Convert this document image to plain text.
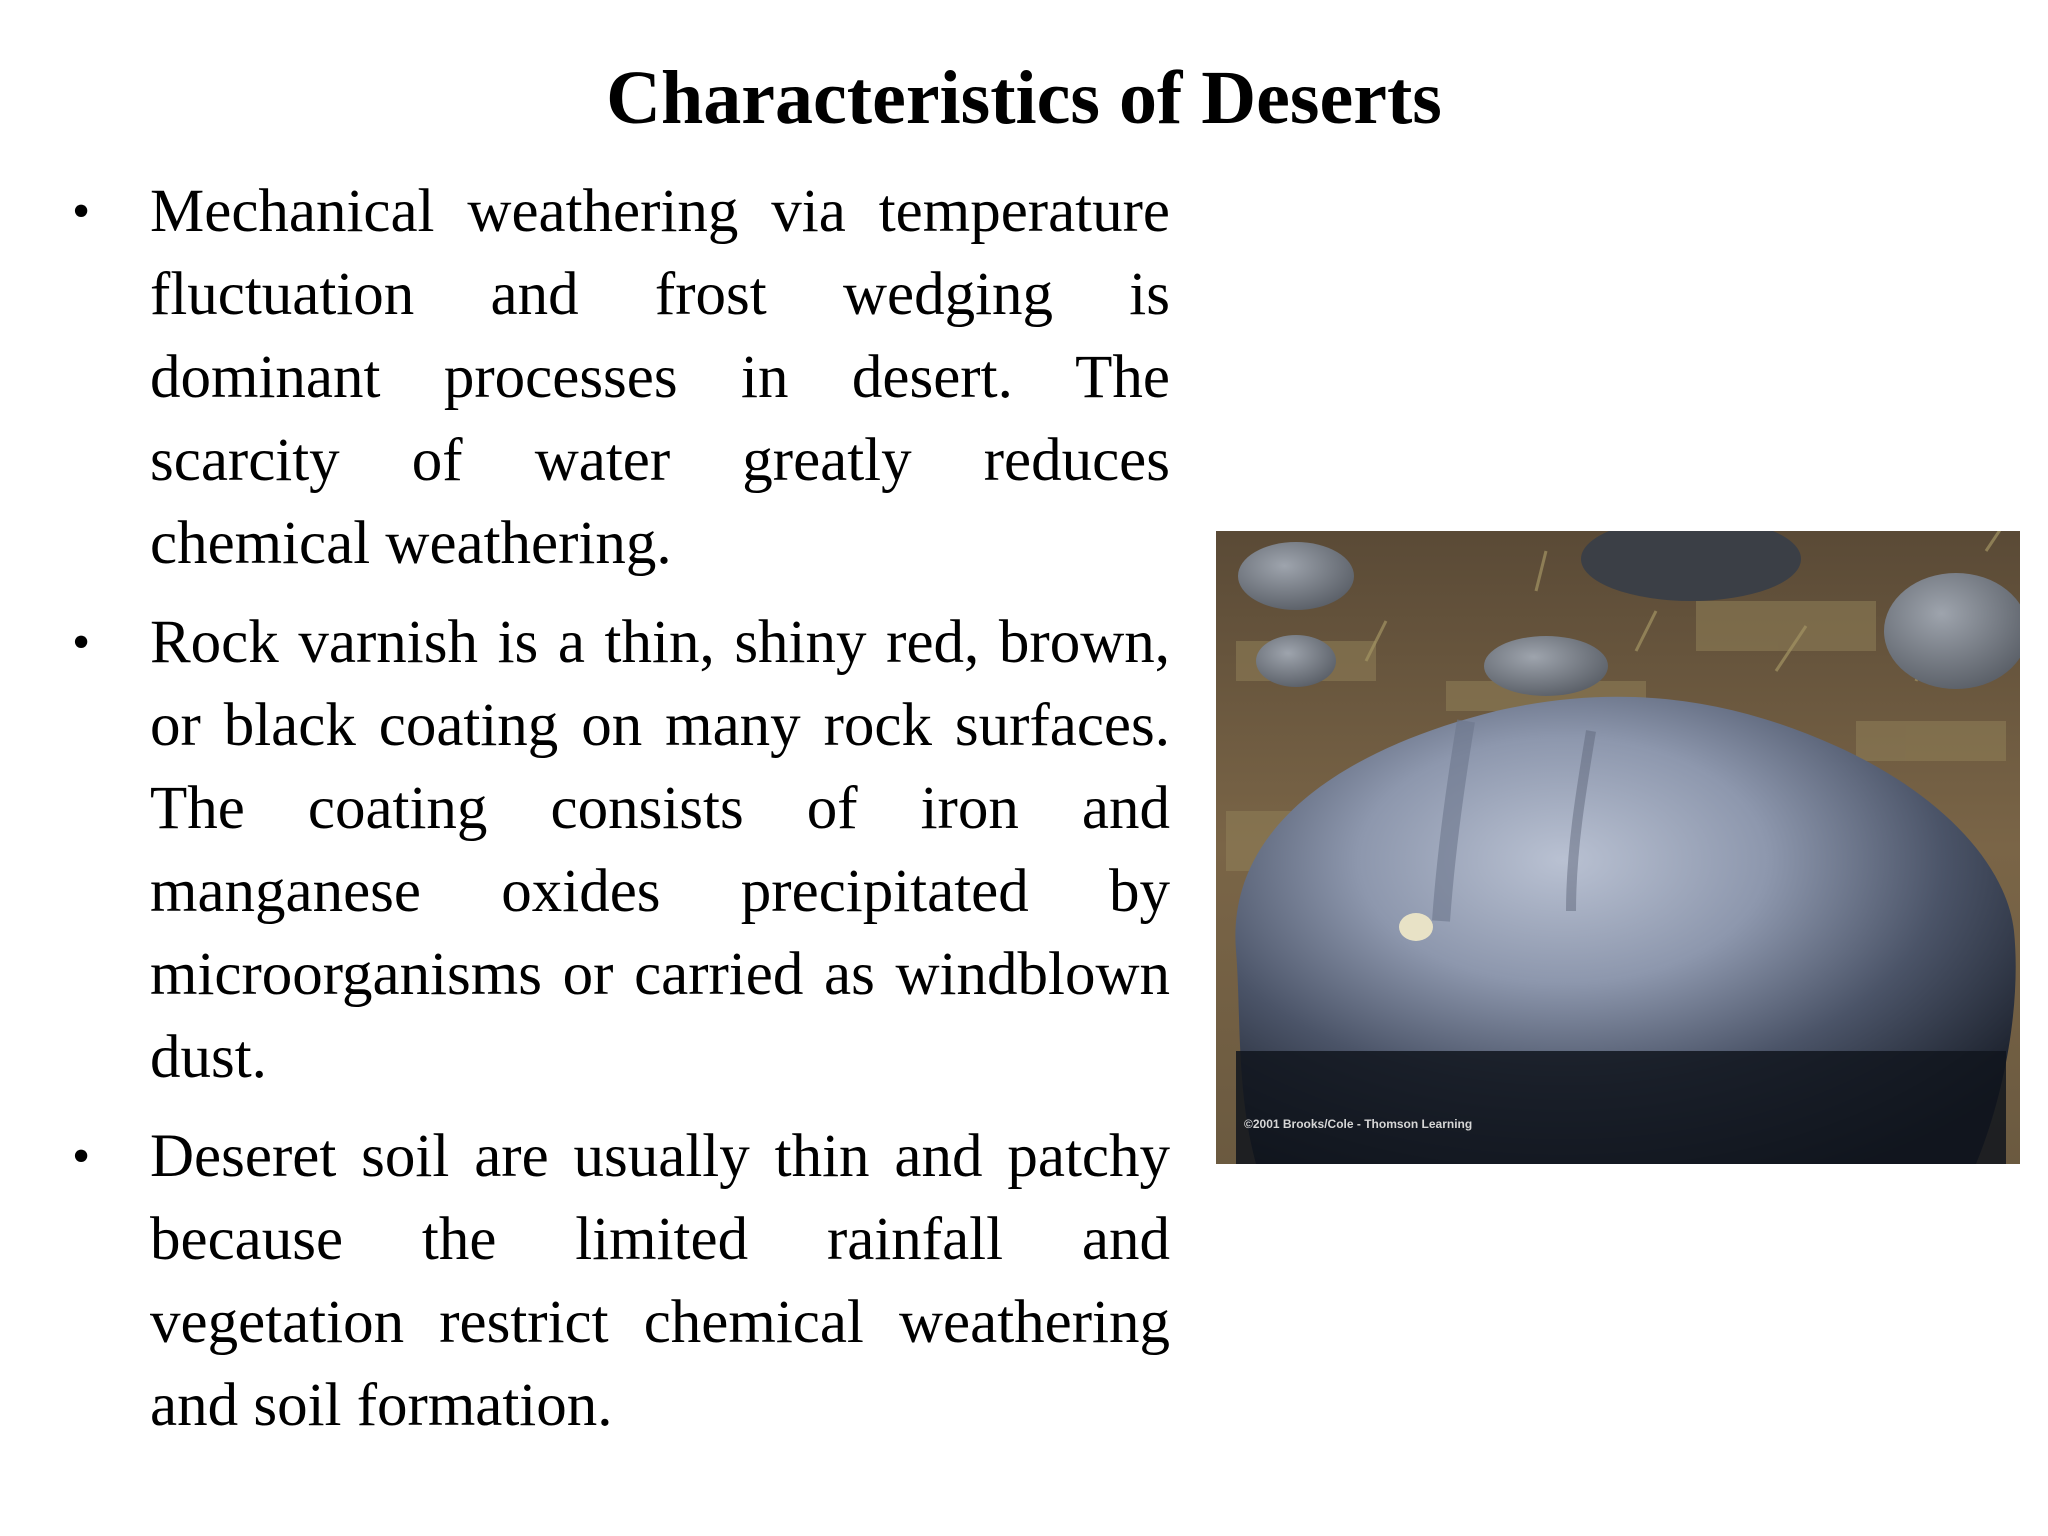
Characteristics of Deserts
• Mechanical weathering via temperature fluctuation and frost wedging is dominant processes in desert. The scarcity of water greatly reduces chemical weathering.
• Rock varnish is a thin, shiny red, brown, or black coating on many rock surfaces. The coating consists of iron and manganese oxides precipitated by microorganisms or carried as windblown dust.
• Deseret soil are usually thin and patchy because the limited rainfall and vegetation restrict chemical weathering and soil formation.
©2001 Brooks/Cole - Thomson Learning
